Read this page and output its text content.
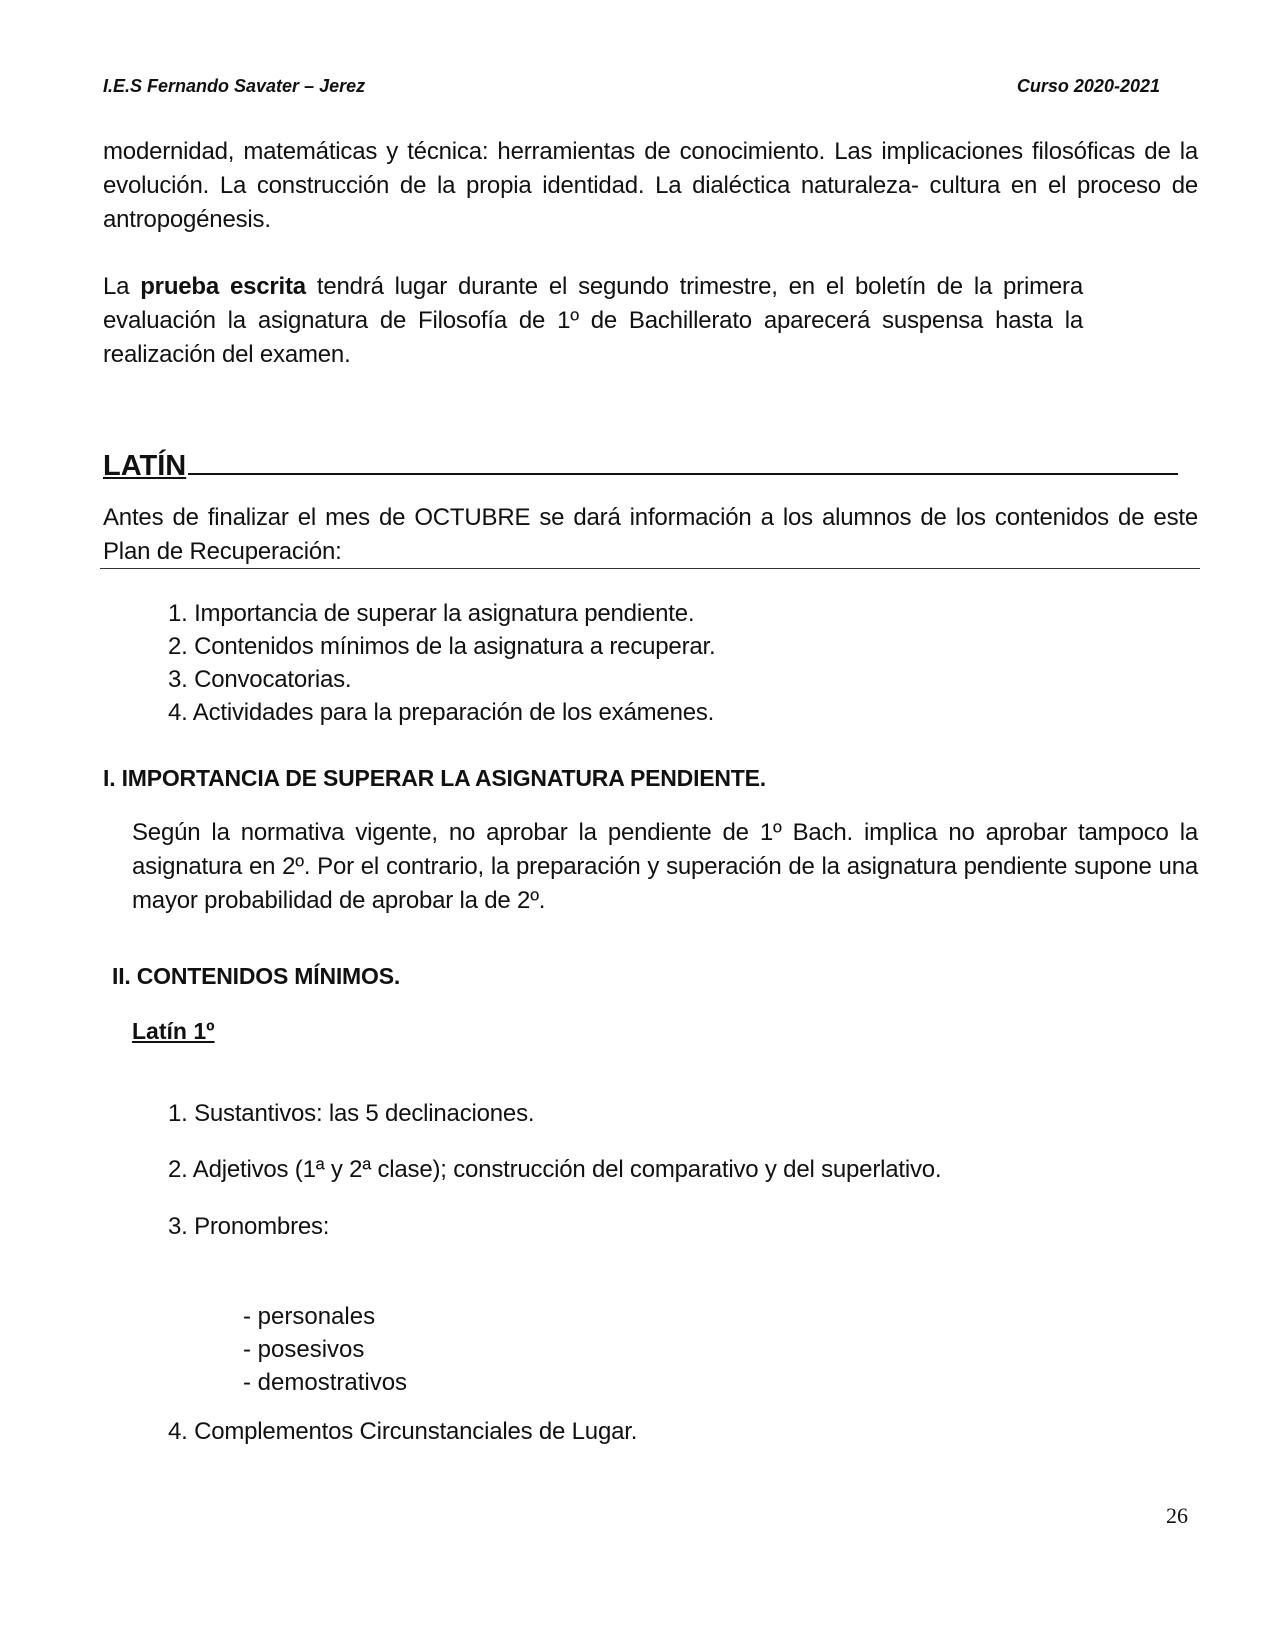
I.E.S Fernando Savater – Jerez	Curso 2020-2021
modernidad, matemáticas y técnica: herramientas de conocimiento. Las implicaciones filosóficas de la evolución. La construcción de la propia identidad. La dialéctica naturaleza- cultura en el proceso de antropogénesis.
La prueba escrita tendrá lugar durante el segundo trimestre, en el boletín de la primera evaluación la asignatura de Filosofía de 1º de Bachillerato aparecerá suspensa hasta la realización del examen.
LATÍN
Antes de finalizar el mes de OCTUBRE se dará información a los alumnos de los contenidos de este Plan de Recuperación:
1. Importancia de superar la asignatura pendiente.
2. Contenidos mínimos de la asignatura a recuperar.
3. Convocatorias.
4. Actividades para la preparación de los exámenes.
I. IMPORTANCIA DE SUPERAR LA ASIGNATURA PENDIENTE.
Según la normativa vigente, no aprobar la pendiente de 1º Bach. implica no aprobar tampoco la asignatura en 2º. Por el contrario, la preparación y superación de la asignatura pendiente supone una mayor probabilidad de aprobar la de 2º.
II. CONTENIDOS MÍNIMOS.
Latín 1º
1. Sustantivos: las 5 declinaciones.
2. Adjetivos (1ª y 2ª clase); construcción del comparativo y del superlativo.
3. Pronombres:
- personales
- posesivos
- demostrativos
4. Complementos Circunstanciales de Lugar.
26
